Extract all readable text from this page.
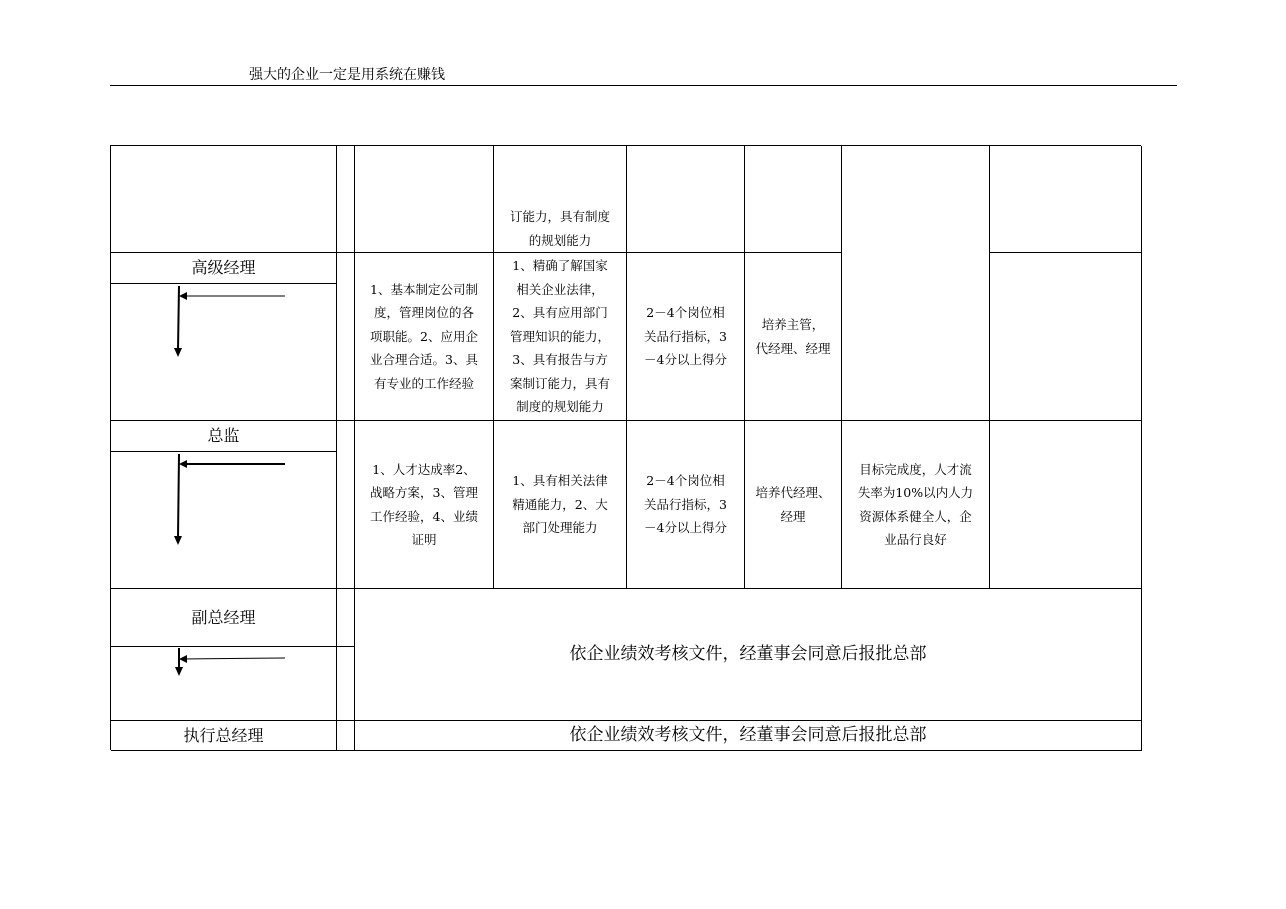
强大的企业一定是用系统在赚钱
订能力，具有制度
的规划能力
高级经理

1、基本制定公司制
度，管理岗位的各
项职能。2、应用企
业合理合适。3、具
有专业的工作经验
1、精确了解国家
相关企业法律，
2、具有应用部门
管理知识的能力，
3、具有报告与方
案制订能力，具有
制度的规划能力
2－4个岗位相
关品行指标，3
－4分以上得分
培养主管，
代经理、经理
总监

1、人才达成率2、
战略方案，3、管理
工作经验，4、业绩
证明
1、具有相关法律
精通能力，2、大
部门处理能力
2－4个岗位相
关品行指标，3
－4分以上得分
培养代经理、
经理
目标完成度，人才流
失率为10%以内人力
资源体系健全人，企
业品行良好
副总经理

依企业绩效考核文件，经董事会同意后报批总部
执行总经理	依企业绩效考核文件，经董事会同意后报批总部
